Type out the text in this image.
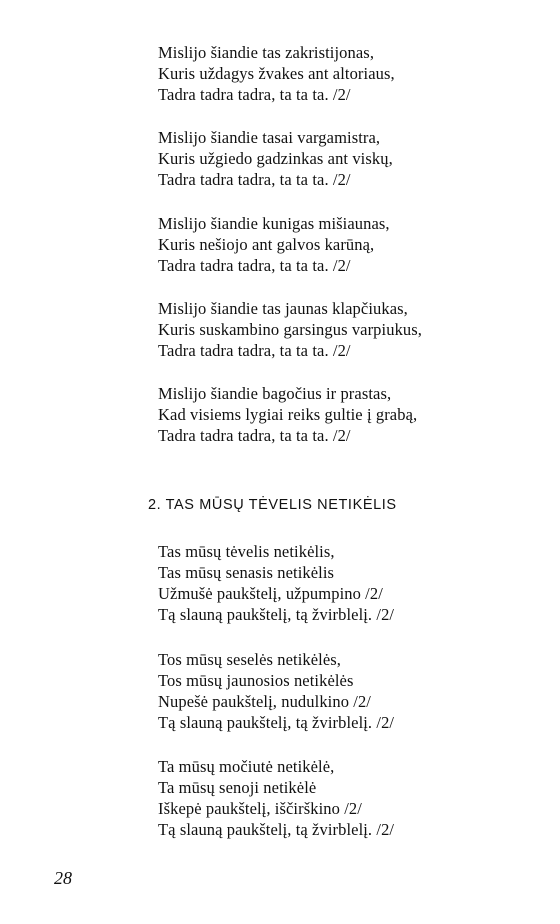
Mislijo šiandie tas zakristijonas,
Kuris uždagys žvakes ant altoriaus,
Tadra tadra tadra, ta ta ta. /2/
Mislijo šiandie tasai vargamistra,
Kuris užgiedo gadzinkas ant viskų,
Tadra tadra tadra, ta ta ta. /2/
Mislijo šiandie kunigas mišiaunas,
Kuris nešiojo ant galvos karūną,
Tadra tadra tadra, ta ta ta. /2/
Mislijo šiandie tas jaunas klapčiukas,
Kuris suskambino garsingus varpiukus,
Tadra tadra tadra, ta ta ta. /2/
Mislijo šiandie bagočius ir prastas,
Kad visiems lygiai reiks gultie į grabą,
Tadra tadra tadra, ta ta ta. /2/
2. TAS MŪSŲ TĖVELIS NETIKĖLIS
Tas mūsų tėvelis netikėlis,
Tas mūsų senasis netikėlis
Užmušė paukštelį, užpumpino /2/
Tą slauną paukštelį, tą žvirblelį. /2/
Tos mūsų seselės netikėlės,
Tos mūsų jaunosios netikėlės
Nupešė paukštelį, nudulkino /2/
Tą slauną paukštelį, tą žvirblelį. /2/
Ta mūsų močiutė netikėlė,
Ta mūsų senoji netikėlė
Iškepė paukštelį, iščirškino /2/
Tą slauną paukštelį, tą žvirblelį. /2/
28
